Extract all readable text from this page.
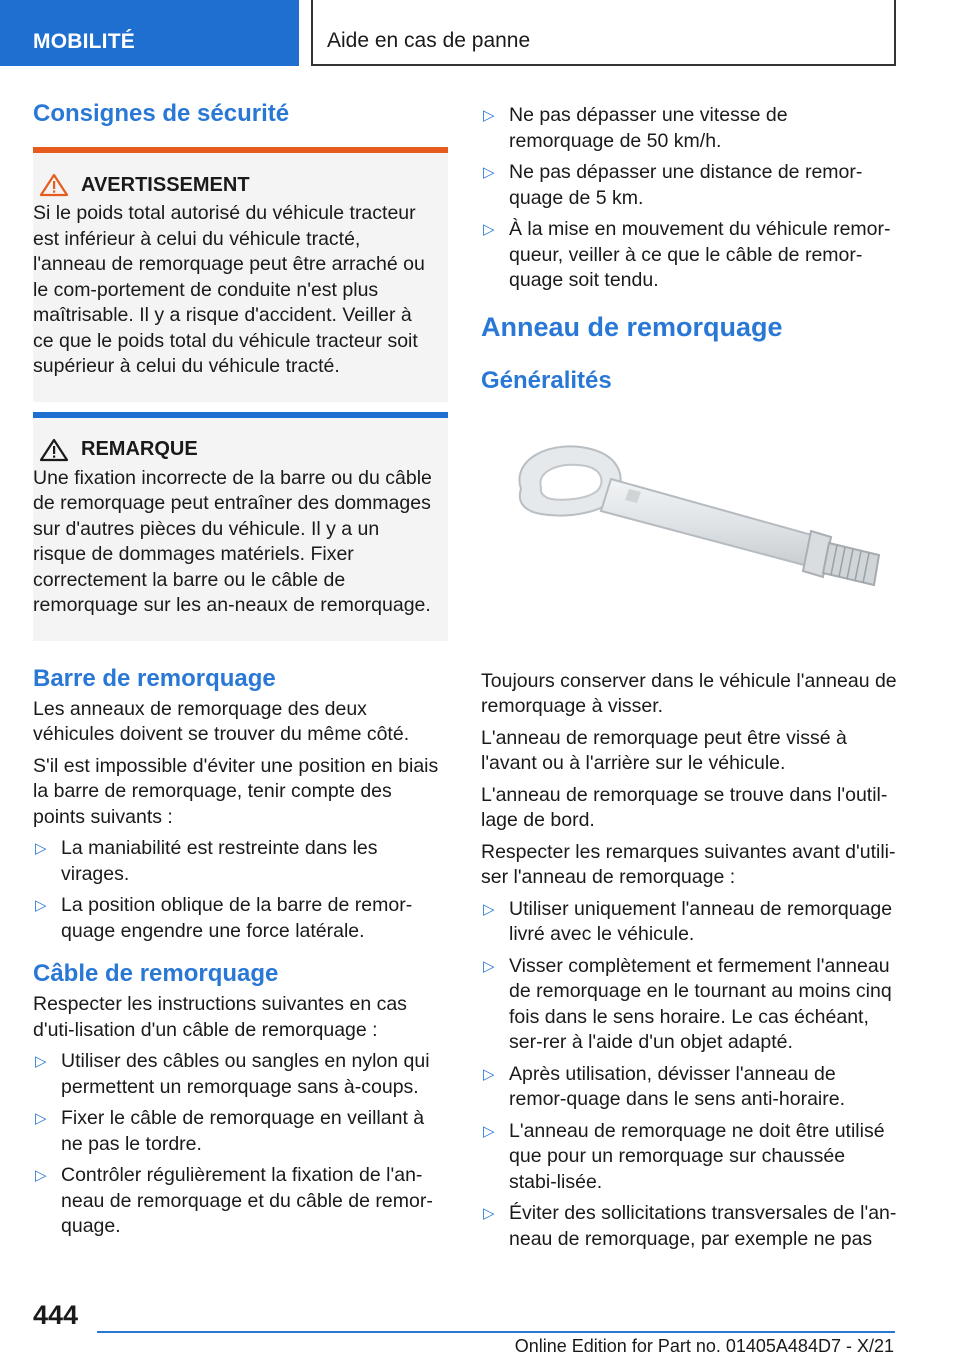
MOBILITÉ	Aide en cas de panne
Consignes de sécurité
AVERTISSEMENT

Si le poids total autorisé du véhicule tracteur est inférieur à celui du véhicule tracté, l'anneau de remorquage peut être arraché ou le com-portement de conduite n'est plus maîtrisable. Il y a risque d'accident. Veiller à ce que le poids total du véhicule tracteur soit supérieur à celui du véhicule tracté.

REMARQUE

Une fixation incorrecte de la barre ou du câble de remorquage peut entraîner des dommages sur d'autres pièces du véhicule. Il y a un risque de dommages matériels. Fixer correctement la barre ou le câble de remorquage sur les an-neaux de remorquage.

Barre de remorquage

Les anneaux de remorquage des deux véhicules doivent se trouver du même côté.

S'il est impossible d'éviter une position en biais la barre de remorquage, tenir compte des points suivants :

▷ La maniabilité est restreinte dans les virages.
▷ La position oblique de la barre de remor-quage engendre une force latérale.
Câble de remorquage

Respecter les instructions suivantes en cas d'uti-lisation d'un câble de remorquage :

▷ Utiliser des câbles ou sangles en nylon qui permettent un remorquage sans à-coups.
▷ Fixer le câble de remorquage en veillant à ne pas le tordre.
▷ Contrôler régulièrement la fixation de l'an-neau de remorquage et du câble de remor-quage.
▷ Ne pas dépasser une vitesse de remorquage de 50 km/h.
▷ Ne pas dépasser une distance de remor-quage de 5 km.
▷ À la mise en mouvement du véhicule remor-queur, veiller à ce que le câble de remor-quage soit tendu.
Anneau de remorquage
Généralités

Toujours conserver dans le véhicule l'anneau de remorquage à visser.

L'anneau de remorquage peut être vissé à l'avant ou à l'arrière sur le véhicule.

L'anneau de remorquage se trouve dans l'outil-lage de bord.

Respecter les remarques suivantes avant d'utili-ser l'anneau de remorquage :

▷ Utiliser uniquement l'anneau de remorquage livré avec le véhicule.
▷ Visser complètement et fermement l'anneau de remorquage en le tournant au moins cinq fois dans le sens horaire. Le cas échéant, ser-rer à l'aide d'un objet adapté.
▷ Après utilisation, dévisser l'anneau de remor-quage dans le sens anti-horaire.
▷ L'anneau de remorquage ne doit être utilisé que pour un remorquage sur chaussée stabi-lisée.
▷ Éviter des sollicitations transversales de l'an-neau de remorquage, par exemple ne pas
444
Online Edition for Part no. 01405A484D7 - X/21
